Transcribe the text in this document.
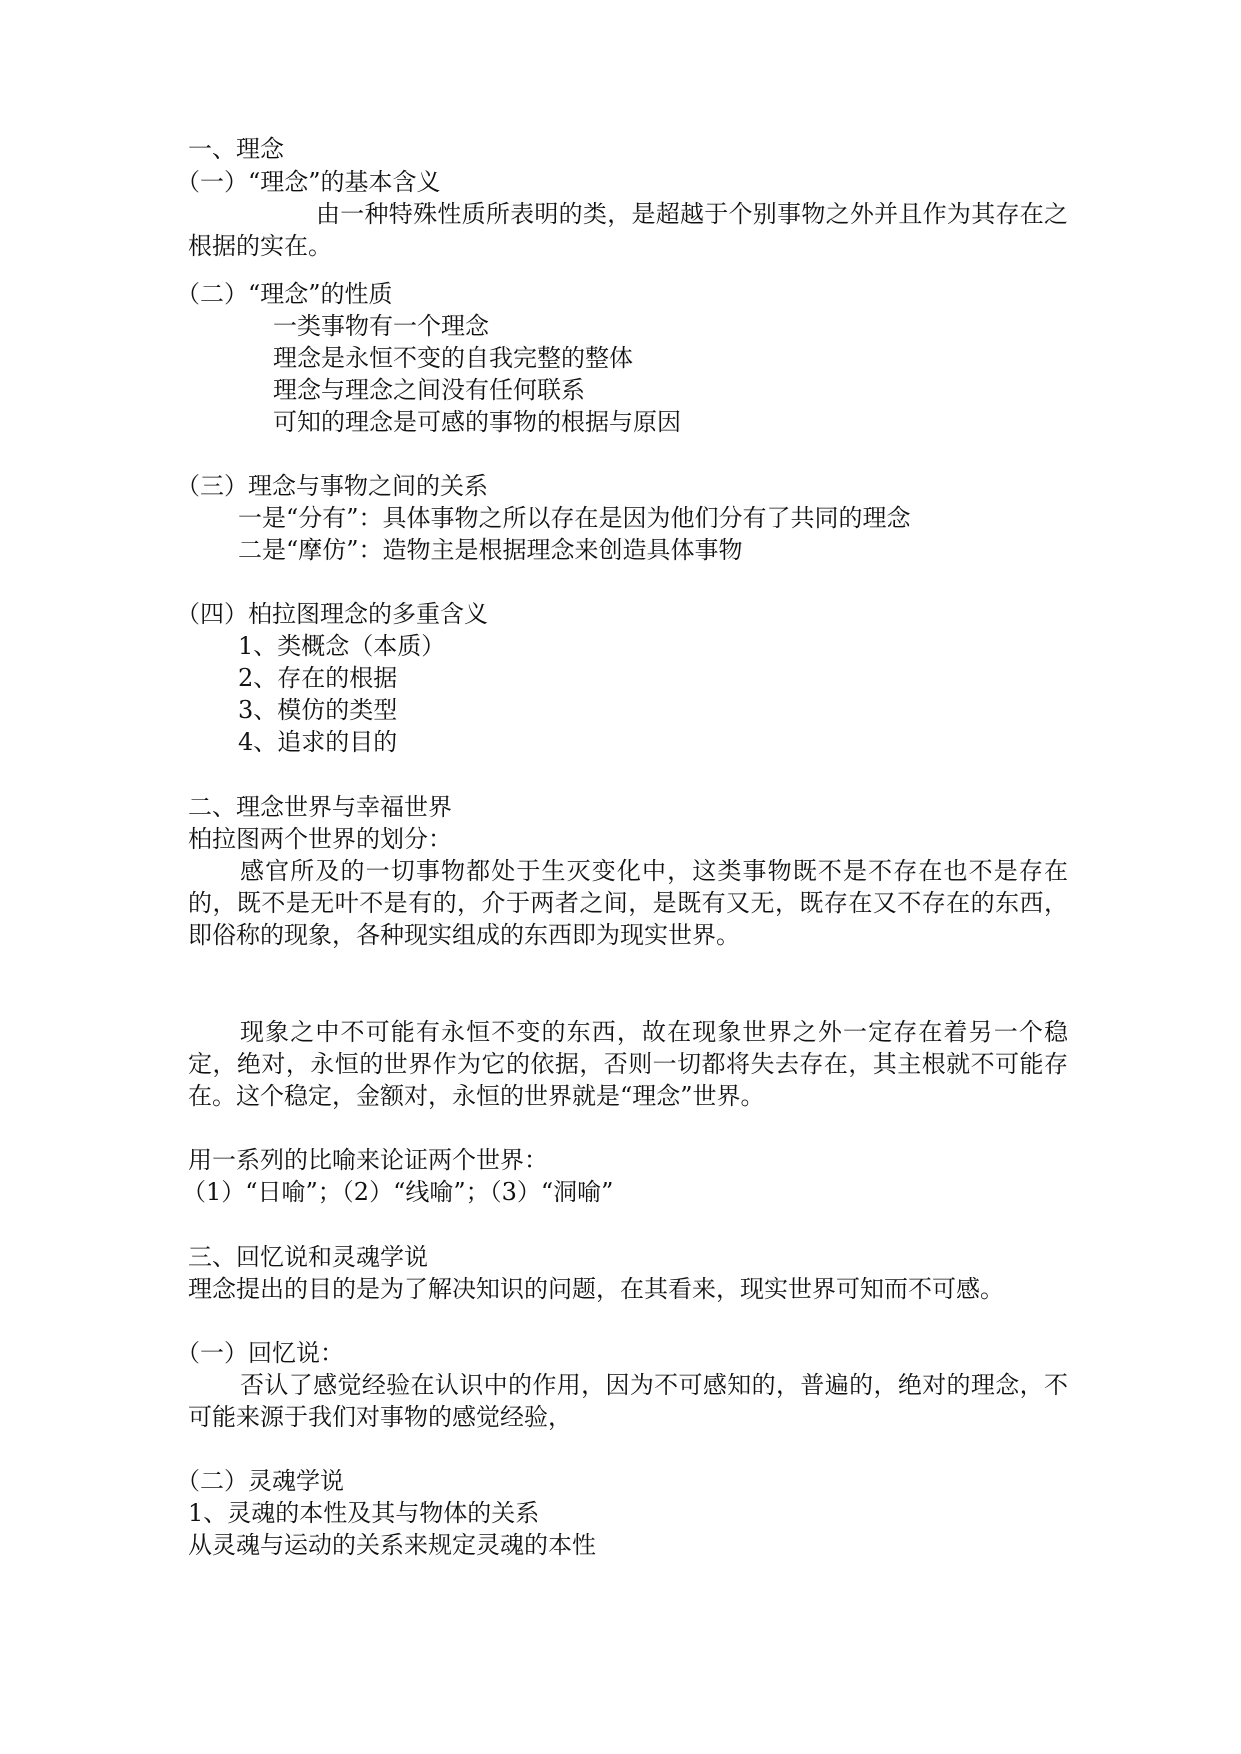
一、理念
（一）“理念”的基本含义
由一种特殊性质所表明的类，是超越于个别事物之外并且作为其存在之根据的实在。
（二）“理念”的性质
一类事物有一个理念
理念是永恒不变的自我完整的整体
理念与理念之间没有任何联系
可知的理念是可感的事物的根据与原因
（三）理念与事物之间的关系
一是“分有”：具体事物之所以存在是因为他们分有了共同的理念
二是“摩仿”：造物主是根据理念来创造具体事物
（四）柏拉图理念的多重含义
1、类概念（本质）
2、存在的根据
3、模仿的类型
4、追求的目的
二、理念世界与幸福世界
柏拉图两个世界的划分：
感官所及的一切事物都处于生灭变化中，这类事物既不是不存在也不是存在的，既不是无叶不是有的，介于两者之间，是既有又无，既存在又不存在的东西，即俗称的现象，各种现实组成的东西即为现实世界。
现象之中不可能有永恒不变的东西，故在现象世界之外一定存在着另一个稳定，绝对，永恒的世界作为它的依据，否则一切都将失去存在，其主根就不可能存在。这个稳定，金额对，永恒的世界就是“理念”世界。
用一系列的比喻来论证两个世界：
（1）“日喻”；（2）“线喻”；（3）“洞喻”
三、回忆说和灵魂学说
理念提出的目的是为了解决知识的问题，在其看来，现实世界可知而不可感。
（一）回忆说：
否认了感觉经验在认识中的作用，因为不可感知的，普遍的，绝对的理念，不可能来源于我们对事物的感觉经验，
（二）灵魂学说
1、灵魂的本性及其与物体的关系
从灵魂与运动的关系来规定灵魂的本性
